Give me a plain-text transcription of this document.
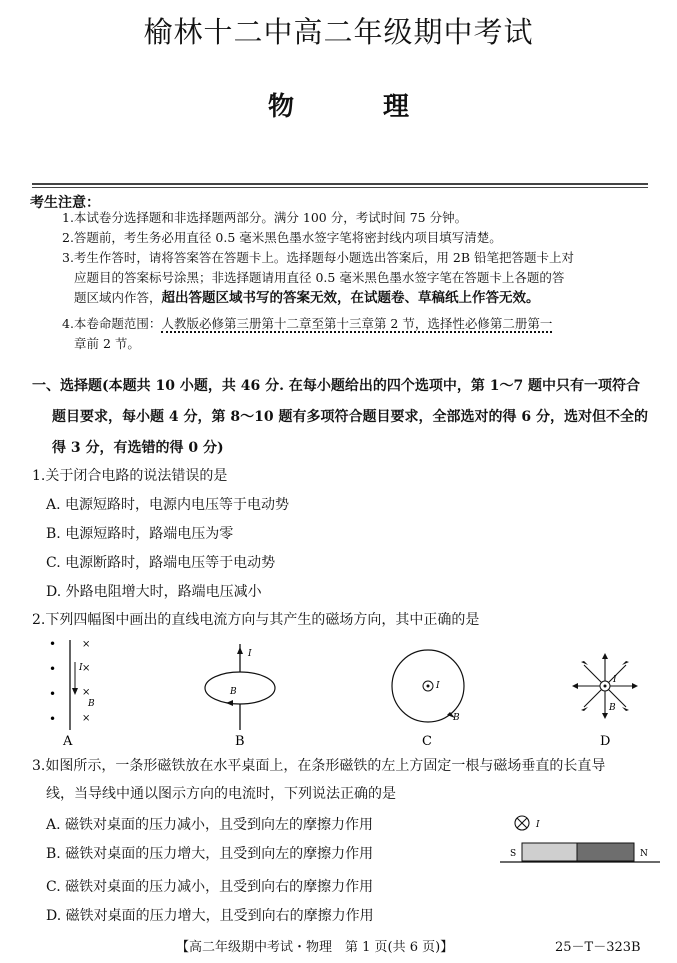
榆林十二中高二年级期中考试
物 理
考生注意：
1.本试卷分选择题和非选择题两部分。满分 100 分，考试时间 75 分钟。
2.答题前，考生务必用直径 0.5 毫米黑色墨水签字笔将密封线内项目填写清楚。
3.考生作答时，请将答案答在答题卡上。选择题每小题选出答案后，用 2B 铅笔把答题卡上对
应题目的答案标号涂黑；非选择题请用直径 0.5 毫米黑色墨水签字笔在答题卡上各题的答
题区域内作答，超出答题区域书写的答案无效，在试题卷、草稿纸上作答无效。
4.本卷命题范围：人教版必修第三册第十二章至第十三章第 2 节，选择性必修第二册第一
章前 2 节。
一、选择题(本题共 10 小题，共 46 分. 在每小题给出的四个选项中，第 1～7 题中只有一项符合
题目要求，每小题 4 分，第 8～10 题有多项符合题目要求，全部选对的得 6 分，选对但不全的
得 3 分，有选错的得 0 分)
1.关于闭合电路的说法错误的是
A. 电源短路时，电源内电压等于电动势
B. 电源短路时，路端电压为零
C. 电源断路时，路端电压等于电动势
D. 外路电阻增大时，路端电压减小
2.下列四幅图中画出的直线电流方向与其产生的磁场方向，其中正确的是
•
•
•
•
×
×
×
×
I
B
A
I
B
B
I
B
C
I
B
D
3.如图所示，一条形磁铁放在水平桌面上，在条形磁铁的左上方固定一根与磁场垂直的长直导
线，当导线中通以图示方向的电流时，下列说法正确的是
A. 磁铁对桌面的压力减小，且受到向左的摩擦力作用
B. 磁铁对桌面的压力增大，且受到向左的摩擦力作用
C. 磁铁对桌面的压力减小，且受到向右的摩擦力作用
D. 磁铁对桌面的压力增大，且受到向右的摩擦力作用
I
S	N
【高二年级期中考试・物理　第 1 页(共 6 页)】	25－T－323B
